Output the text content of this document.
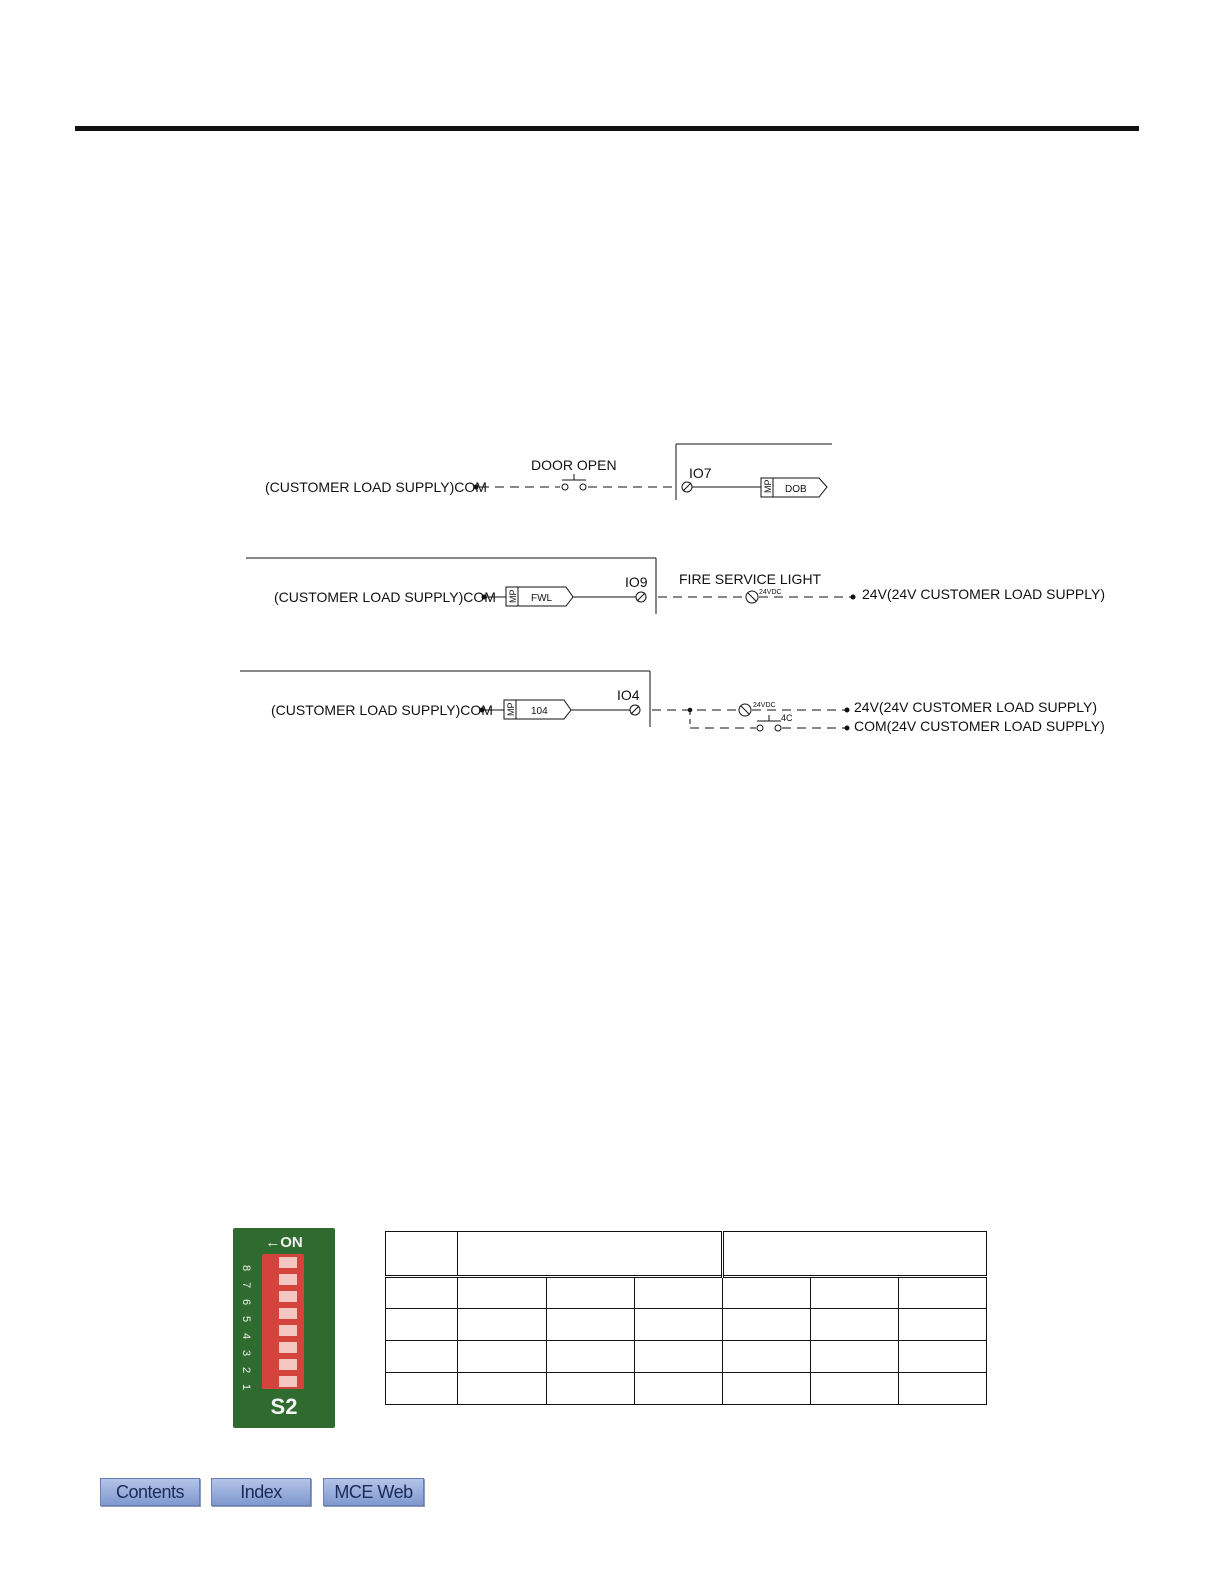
(CUSTOMER LOAD SUPPLY)COM
DOOR OPEN	IO7
MP DOB
(CUSTOMER LOAD SUPPLY)COM MP FWL
IO9 FIRE SERVICE LIGHT
24VDC	24V(24V CUSTOMER LOAD SUPPLY)
(CUSTOMER LOAD SUPPLY)COM MP 104
IO4
24VDC
4C
24V(24V CUSTOMER LOAD SUPPLY)
COM(24V CUSTOMER LOAD SUPPLY)
←ON
8
7
6
5
4
3
2
1
S2

Contents	Index	MCE Web
